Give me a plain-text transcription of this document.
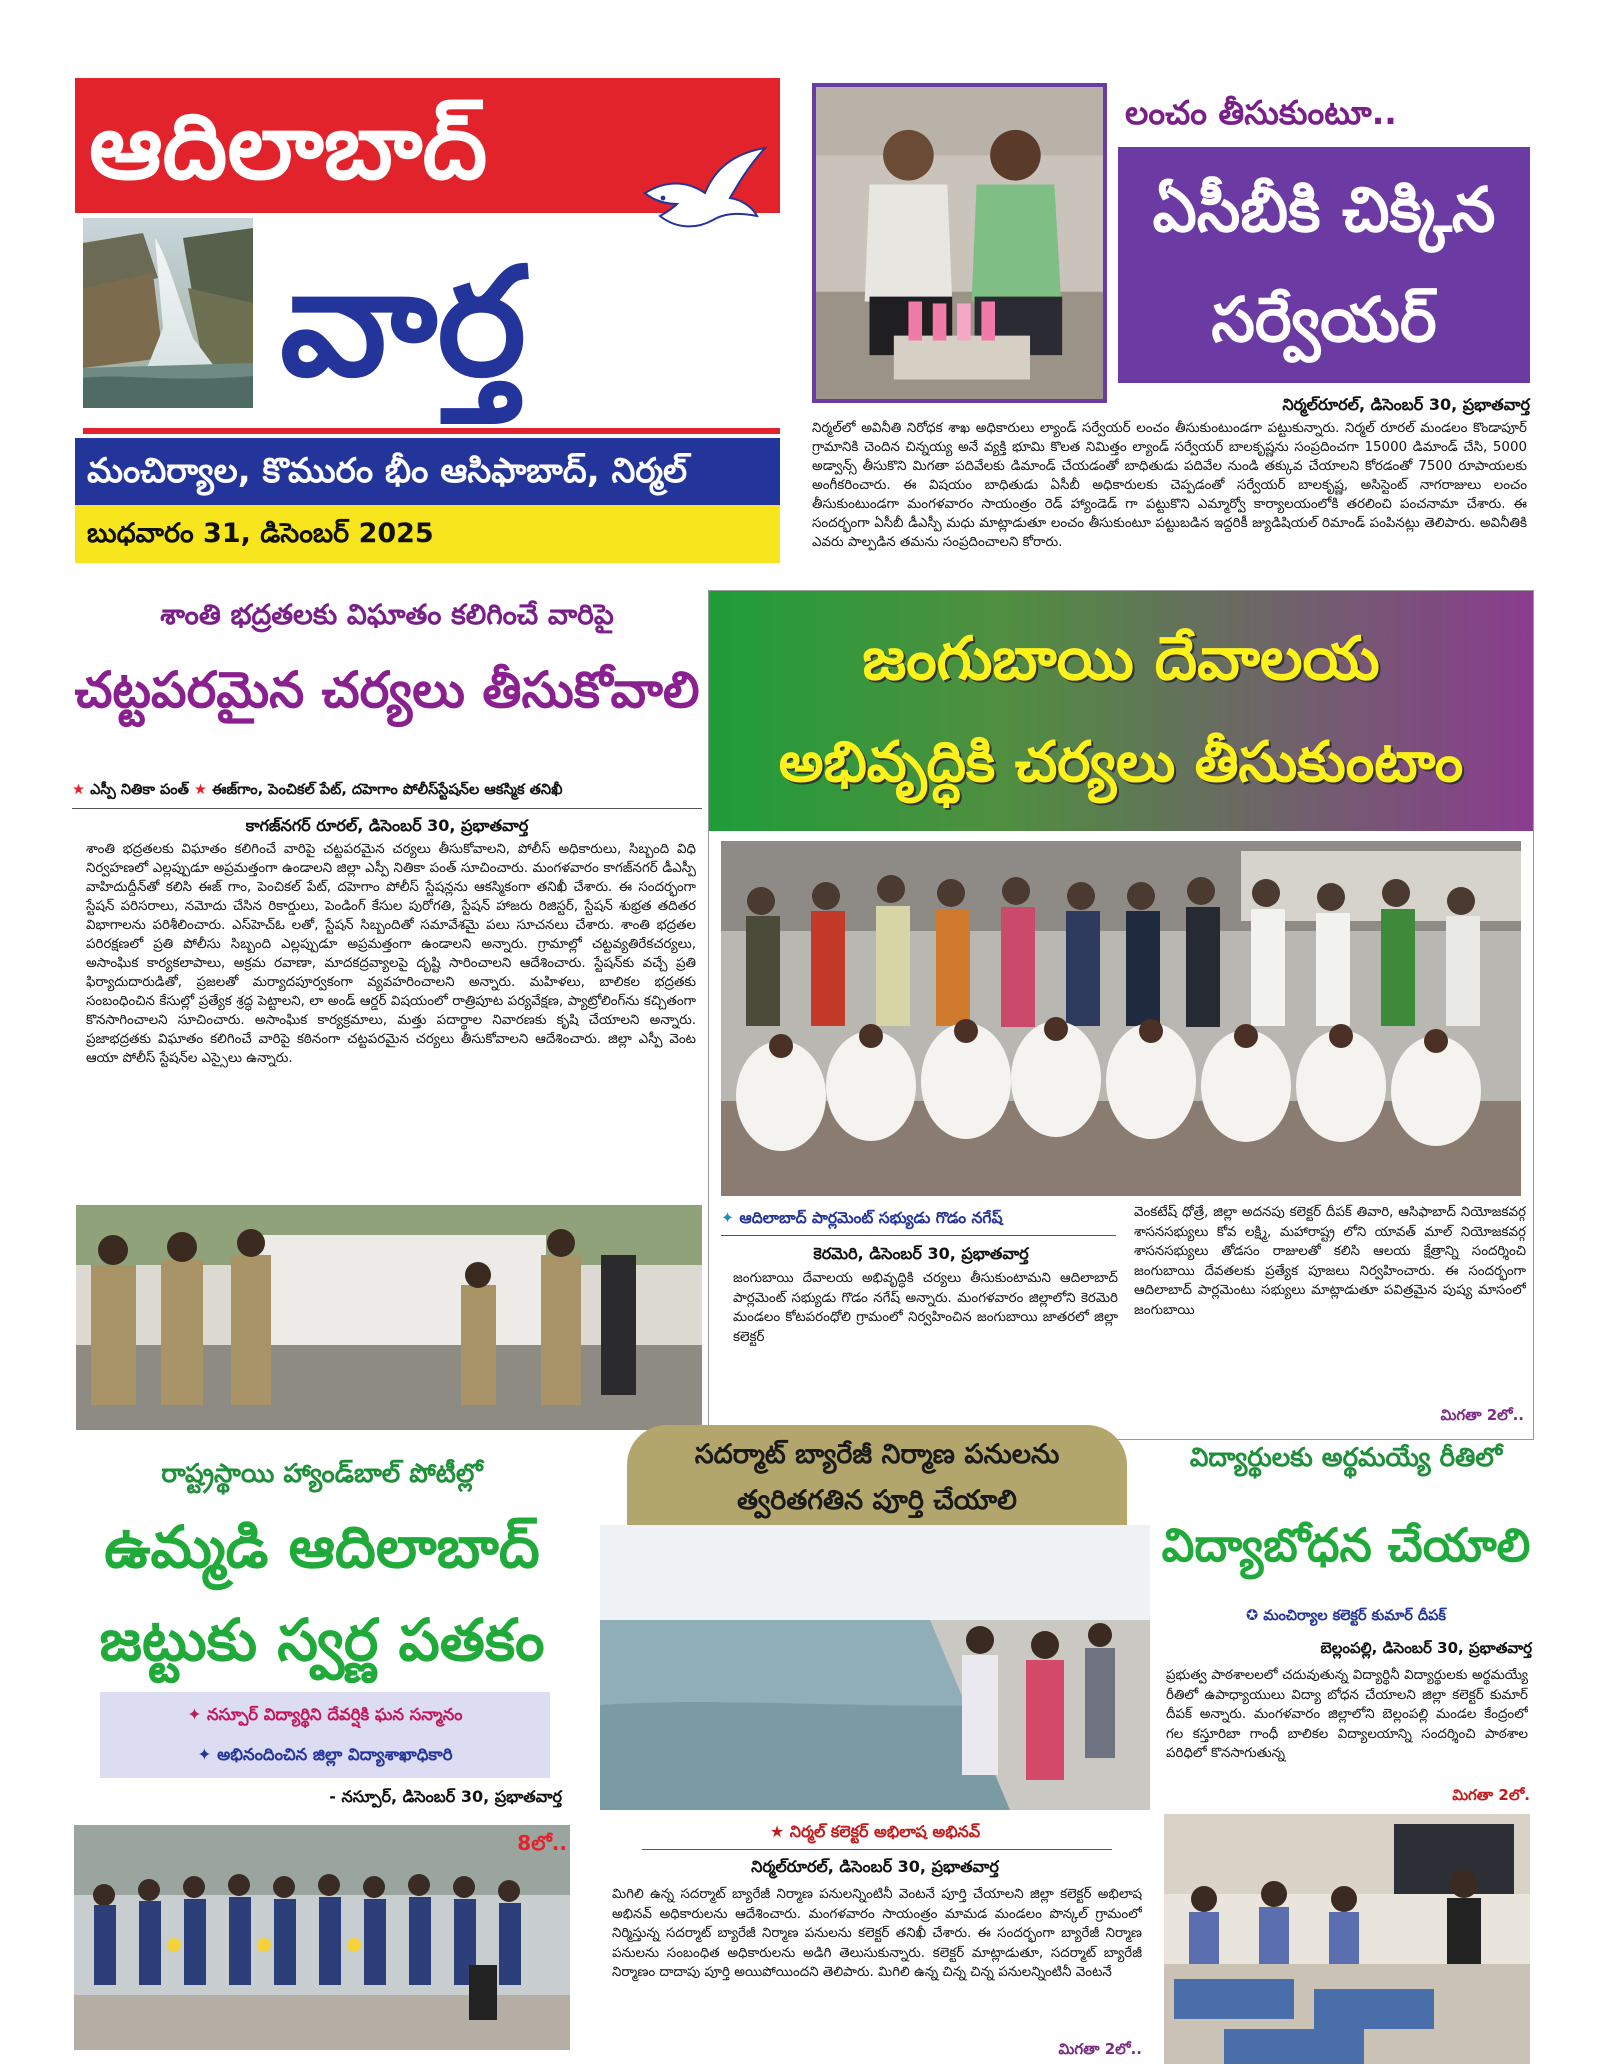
ఆదిలాబాద్
వార్త
మంచిర్యాల, కొమురం భీం ఆసిఫాబాద్, నిర్మల్
బుధవారం 31, డిసెంబర్ 2025
లంచం తీసుకుంటూ..
ఏసీబీకి చిక్కిన
సర్వేయర్
నిర్మల్‌రూరల్, డిసెంబర్ 30, ప్రభాతవార్త
నిర్మల్‌లో అవినీతి నిరోధక శాఖ అధికారులు ల్యాండ్ సర్వేయర్ లంచం తీసుకుంటుండగా పట్టుకున్నారు. నిర్మల్ రూరల్ మండలం కొండాపూర్ గ్రామానికి చెందిన చిన్నయ్య అనే వ్యక్తి భూమి కొలత నిమిత్తం ల్యాండ్ సర్వేయర్ బాలకృష్ణను సంప్రదించగా 15000 డిమాండ్ చేసి, 5000 అడ్వాన్స్ తీసుకొని మిగతా పదివేలకు డిమాండ్ చేయడంతో బాధితుడు పదివేల నుండి తక్కువ చేయాలని కోరడంతో 7500 రూపాయలకు అంగీకరించారు. ఈ విషయం బాధితుడు ఏసీబీ అధికారులకు చెప్పడంతో సర్వేయర్ బాలకృష్ణ, అసిస్టెంట్ నాగరాజులు లంచం తీసుకుంటుండగా మంగళవారం సాయంత్రం రెడ్ హ్యాండెడ్ గా పట్టుకొని ఎమ్మార్వో కార్యాలయంలోకి తరలించి పంచనామా చేశారు. ఈ సందర్భంగా ఏసీబీ డీఎస్పీ మధు మాట్లాడుతూ లంచం తీసుకుంటూ పట్టుబడిన ఇద్దరికీ జ్యుడిషియల్ రిమాండ్ పంపినట్లు తెలిపారు. అవినీతికి ఎవరు పాల్పడిన తమను సంప్రదించాలని కోరారు.
శాంతి భద్రతలకు విఘాతం కలిగించే వారిపై
చట్టపరమైన చర్యలు తీసుకోవాలి
★ ఎస్పీ నితికా పంత్ ★ ఈజ్‌గాం, పెంచికల్ పేట్, దహెగాం పోలీస్‌స్టేషన్‌ల ఆకస్మిక తనిఖీ
కాగజ్‌నగర్ రూరల్, డిసెంబర్ 30, ప్రభాతవార్త
శాంతి భద్రతలకు విఘాతం కలిగించే వారిపై చట్టపరమైన చర్యలు తీసుకోవాలని, పోలీస్ అధికారులు, సిబ్బంది విధి నిర్వహణలో ఎల్లప్పుడూ అప్రమత్తంగా ఉండాలని జిల్లా ఎస్పీ నితికా పంత్ సూచించారు. మంగళవారం కాగజ్‌నగర్ డీఎస్పీ వాహిదుద్దీన్‌తో కలిసి ఈజ్ గాం, పెంచికల్ పేట్, దహెగాం పోలీస్ స్టేషన్లను ఆకస్మికంగా తనిఖీ చేశారు. ఈ సందర్భంగా స్టేషన్ పరిసరాలు, నమోదు చేసిన రికార్డులు, పెండింగ్ కేసుల పురోగతి, స్టేషన్ హాజరు రిజిస్టర్, స్టేషన్ శుభ్రత తదితర విభాగాలను పరిశీలించారు. ఎస్‌హెచ్ఓ లతో, స్టేషన్ సిబ్బందితో సమావేశమై పలు సూచనలు చేశారు. శాంతి భద్రతల పరిరక్షణలో ప్రతి పోలీసు సిబ్బంది ఎల్లప్పుడూ అప్రమత్తంగా ఉండాలని అన్నారు. గ్రామాల్లో చట్టవ్యతిరేకచర్యలు, అసాంఘిక కార్యకలాపాలు, అక్రమ రవాణా, మాదకద్రవ్యాలపై దృష్టి సారించాలని ఆదేశించారు. స్టేషన్‌కు వచ్చే ప్రతి ఫిర్యాదుదారుడితో, ప్రజలతో మర్యాదపూర్వకంగా వ్యవహరించాలని అన్నారు. మహిళలు, బాలికల భద్రతకు సంబంధించిన కేసుల్లో ప్రత్యేక శ్రద్ధ పెట్టాలని, లా అండ్ ఆర్డర్ విషయంలో రాత్రిపూట పర్యవేక్షణ, ప్యాట్రోలింగ్‌ను కచ్చితంగా కొనసాగించాలని సూచించారు. అసాంఘిక కార్యక్రమాలు, మత్తు పదార్థాల నివారణకు కృషి చేయాలని అన్నారు. ప్రజాభద్రతకు విఘాతం కలిగించే వారిపై కఠినంగా చట్టపరమైన చర్యలు తీసుకోవాలని ఆదేశించారు. జిల్లా ఎస్పీ వెంట ఆయా పోలీస్ స్టేషన్‌ల ఎస్సైలు ఉన్నారు.
జంగుబాయి దేవాలయ
అభివృద్ధికి చర్యలు తీసుకుంటాం
✦ ఆదిలాబాద్ పార్లమెంట్ సభ్యుడు గొడం నగేష్
కెరమెరి, డిసెంబర్ 30, ప్రభాతవార్త
జంగుబాయి దేవాలయ అభివృద్ధికి చర్యలు తీసుకుంటామని ఆదిలాబాద్ పార్లమెంట్ సభ్యుడు గొడం నగేష్ అన్నారు. మంగళవారం జిల్లాలోని కెరమెరి మండలం కోటపరంధోలి గ్రామంలో నిర్వహించిన జంగుబాయి జాతరలో జిల్లా కలెక్టర్
వెంకటేష్ ధోత్రే, జిల్లా అదనపు కలెక్టర్ దీపక్ తివారి, ఆసిఫాబాద్ నియోజకవర్గ శాసనసభ్యులు కోవ లక్ష్మి, మహారాష్ట్ర లోని యావత్ మాల్ నియోజకవర్గ శాసనసభ్యులు తోడసం రాజులతో కలిసి ఆలయ క్షేత్రాన్ని సందర్శించి జంగుబాయి దేవతలకు ప్రత్యేక పూజలు నిర్వహించారు. ఈ సందర్భంగా ఆదిలాబాద్ పార్లమెంటు సభ్యులు మాట్లాడుతూ పవిత్రమైన పుష్య మాసంలో జంగుబాయి
మిగతా 2లో..
రాష్ట్రస్థాయి హ్యాండ్‌బాల్ పోటీల్లో
ఉమ్మడి ఆదిలాబాద్
జట్టుకు స్వర్ణ పతకం
✦ నస్పూర్ విద్యార్థిని దేవర్షికి ఘన సన్మానం
✦ అభినందించిన జిల్లా విద్యాశాఖాధికారి
- నస్పూర్, డిసెంబర్ 30, ప్రభాతవార్త
8లో..
సదర్మాట్ బ్యారేజీ నిర్మాణ పనులను
త్వరితగతిన పూర్తి చేయాలి
★ నిర్మల్ కలెక్టర్ అభిలాష అభినవ్
నిర్మల్‌రూరల్, డిసెంబర్ 30, ప్రభాతవార్త
మిగిలి ఉన్న సదర్మాట్ బ్యారేజీ నిర్మాణ పనులన్నింటినీ వెంటనే పూర్తి చేయాలని జిల్లా కలెక్టర్ అభిలాష అభినవ్ అధికారులను ఆదేశించారు. మంగళవారం సాయంత్రం మామడ మండలం పొన్కల్ గ్రామంలో నిర్మిస్తున్న సదర్మాట్ బ్యారేజీ నిర్మాణ పనులను కలెక్టర్ తనిఖీ చేశారు. ఈ సందర్భంగా బ్యారేజీ నిర్మాణ పనులను సంబంధిత అధికారులను అడిగి తెలుసుకున్నారు. కలెక్టర్ మాట్లాడుతూ, సదర్మాట్ బ్యారేజీ నిర్మాణం దాదాపు పూర్తి అయిపోయిందని తెలిపారు. మిగిలి ఉన్న చిన్న చిన్న పనులన్నింటినీ వెంటనే
మిగతా 2లో..
విద్యార్థులకు అర్థమయ్యే రీతిలో
విద్యాబోధన చేయాలి
✪ మంచిర్యాల కలెక్టర్ కుమార్ దీపక్
బెల్లంపల్లి, డిసెంబర్ 30, ప్రభాతవార్త
ప్రభుత్వ పాఠశాలలలో చదువుతున్న విద్యార్థినీ విద్యార్థులకు అర్థమయ్యే రీతిలో ఉపాధ్యాయులు విద్యా బోధన చేయాలని జిల్లా కలెక్టర్ కుమార్ దీపక్ అన్నారు. మంగళవారం జిల్లాలోని బెల్లంపల్లి మండల కేంద్రంలో గల కస్తూరిబా గాంధీ బాలికల విద్యాలయాన్ని సందర్శించి పాఠశాల పరిధిలో కొనసాగుతున్న
మిగతా 2లో.
